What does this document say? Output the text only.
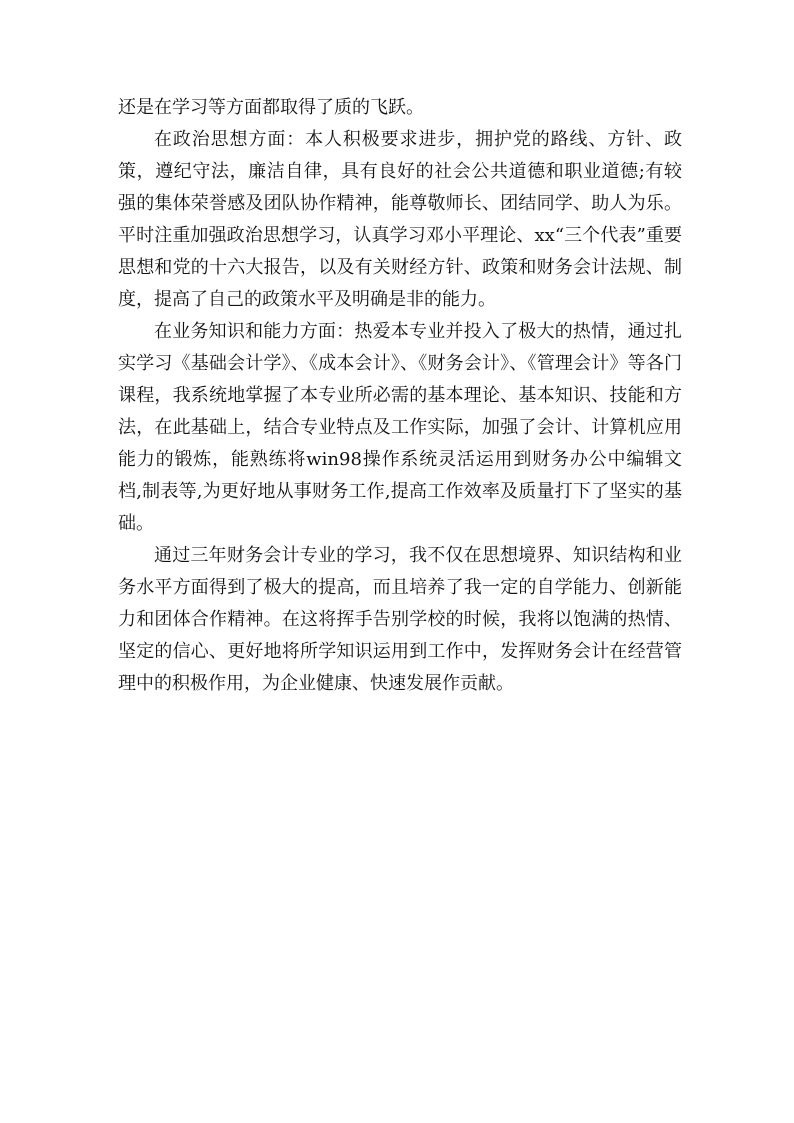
还是在学习等方面都取得了质的飞跃。

在政治思想方面：本人积极要求进步，拥护党的路线、方针、政策，遵纪守法，廉洁自律，具有良好的社会公共道德和职业道德;有较强的集体荣誉感及团队协作精神，能尊敬师长、团结同学、助人为乐。平时注重加强政治思想学习，认真学习邓小平理论、xx“三个代表”重要思想和党的十六大报告，以及有关财经方针、政策和财务会计法规、制度，提高了自己的政策水平及明确是非的能力。

在业务知识和能力方面：热爱本专业并投入了极大的热情，通过扎实学习《基础会计学》、《成本会计》、《财务会计》、《管理会计》等各门课程，我系统地掌握了本专业所必需的基本理论、基本知识、技能和方法，在此基础上，结合专业特点及工作实际，加强了会计、计算机应用能力的锻炼，能熟练将win98操作系统灵活运用到财务办公中编辑文档,制表等,为更好地从事财务工作,提高工作效率及质量打下了坚实的基础。

通过三年财务会计专业的学习，我不仅在思想境界、知识结构和业务水平方面得到了极大的提高，而且培养了我一定的自学能力、创新能力和团体合作精神。在这将挥手告别学校的时候，我将以饱满的热情、坚定的信心、更好地将所学知识运用到工作中，发挥财务会计在经营管理中的积极作用，为企业健康、快速发展作贡献。
